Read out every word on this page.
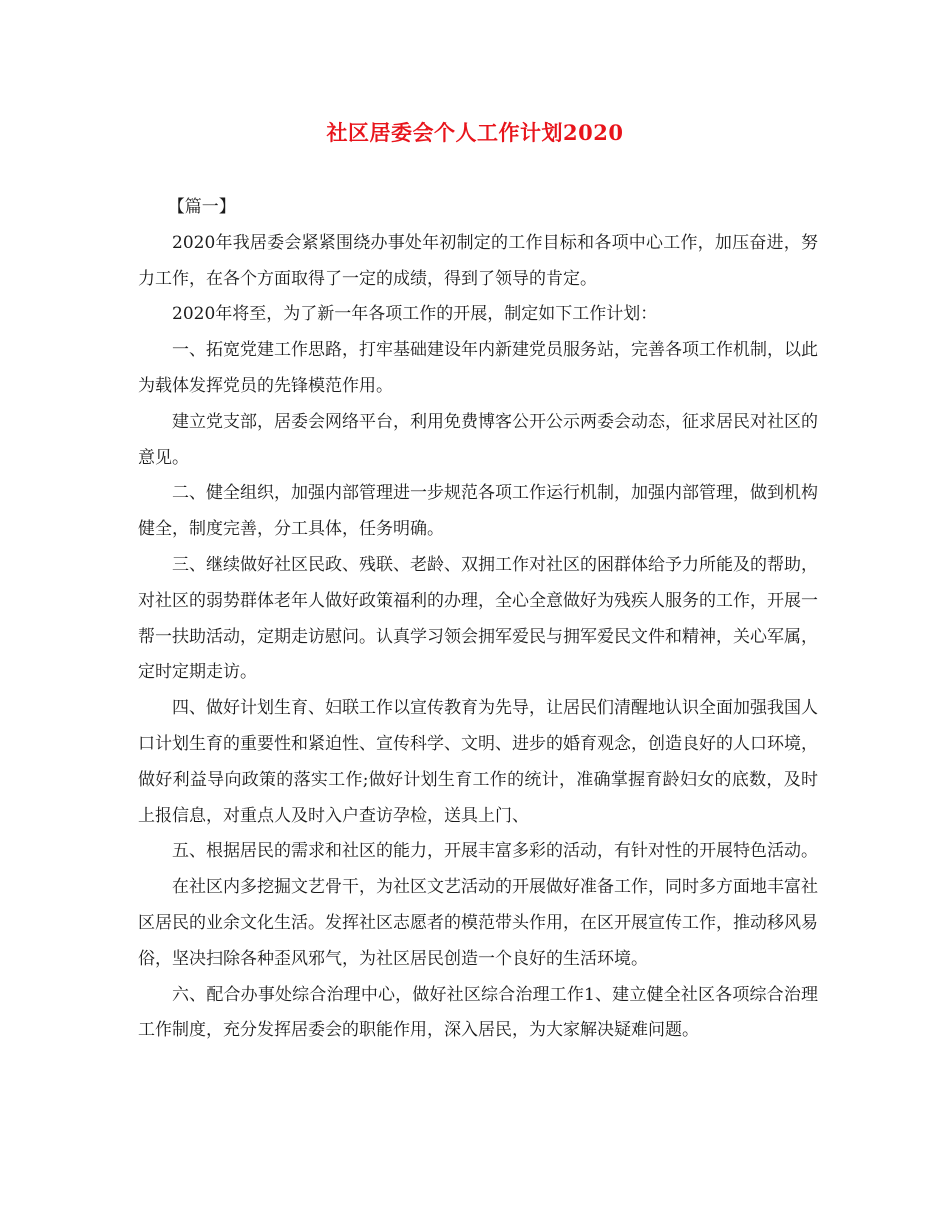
社区居委会个人工作计划2020

【篇一】

2020年我居委会紧紧围绕办事处年初制定的工作目标和各项中心工作，加压奋进，努力工作，在各个方面取得了一定的成绩，得到了领导的肯定。

2020年将至，为了新一年各项工作的开展，制定如下工作计划：

一、拓宽党建工作思路，打牢基础建设年内新建党员服务站，完善各项工作机制，以此为载体发挥党员的先锋模范作用。

建立党支部，居委会网络平台，利用免费博客公开公示两委会动态，征求居民对社区的意见。

二、健全组织，加强内部管理进一步规范各项工作运行机制，加强内部管理，做到机构健全，制度完善，分工具体，任务明确。

三、继续做好社区民政、残联、老龄、双拥工作对社区的困群体给予力所能及的帮助，对社区的弱势群体老年人做好政策福利的办理，全心全意做好为残疾人服务的工作，开展一帮一扶助活动，定期走访慰问。认真学习领会拥军爱民与拥军爱民文件和精神，关心军属，定时定期走访。

四、做好计划生育、妇联工作以宣传教育为先导，让居民们清醒地认识全面加强我国人口计划生育的重要性和紧迫性、宣传科学、文明、进步的婚育观念，创造良好的人口环境，做好利益导向政策的落实工作;做好计划生育工作的统计，准确掌握育龄妇女的底数，及时上报信息，对重点人及时入户查访孕检，送具上门、

五、根据居民的需求和社区的能力，开展丰富多彩的活动，有针对性的开展特色活动。

在社区内多挖掘文艺骨干，为社区文艺活动的开展做好准备工作，同时多方面地丰富社区居民的业余文化生活。发挥社区志愿者的模范带头作用，在区开展宣传工作，推动移风易俗，坚决扫除各种歪风邪气，为社区居民创造一个良好的生活环境。

六、配合办事处综合治理中心，做好社区综合治理工作1、建立健全社区各项综合治理工作制度，充分发挥居委会的职能作用，深入居民，为大家解决疑难问题。
